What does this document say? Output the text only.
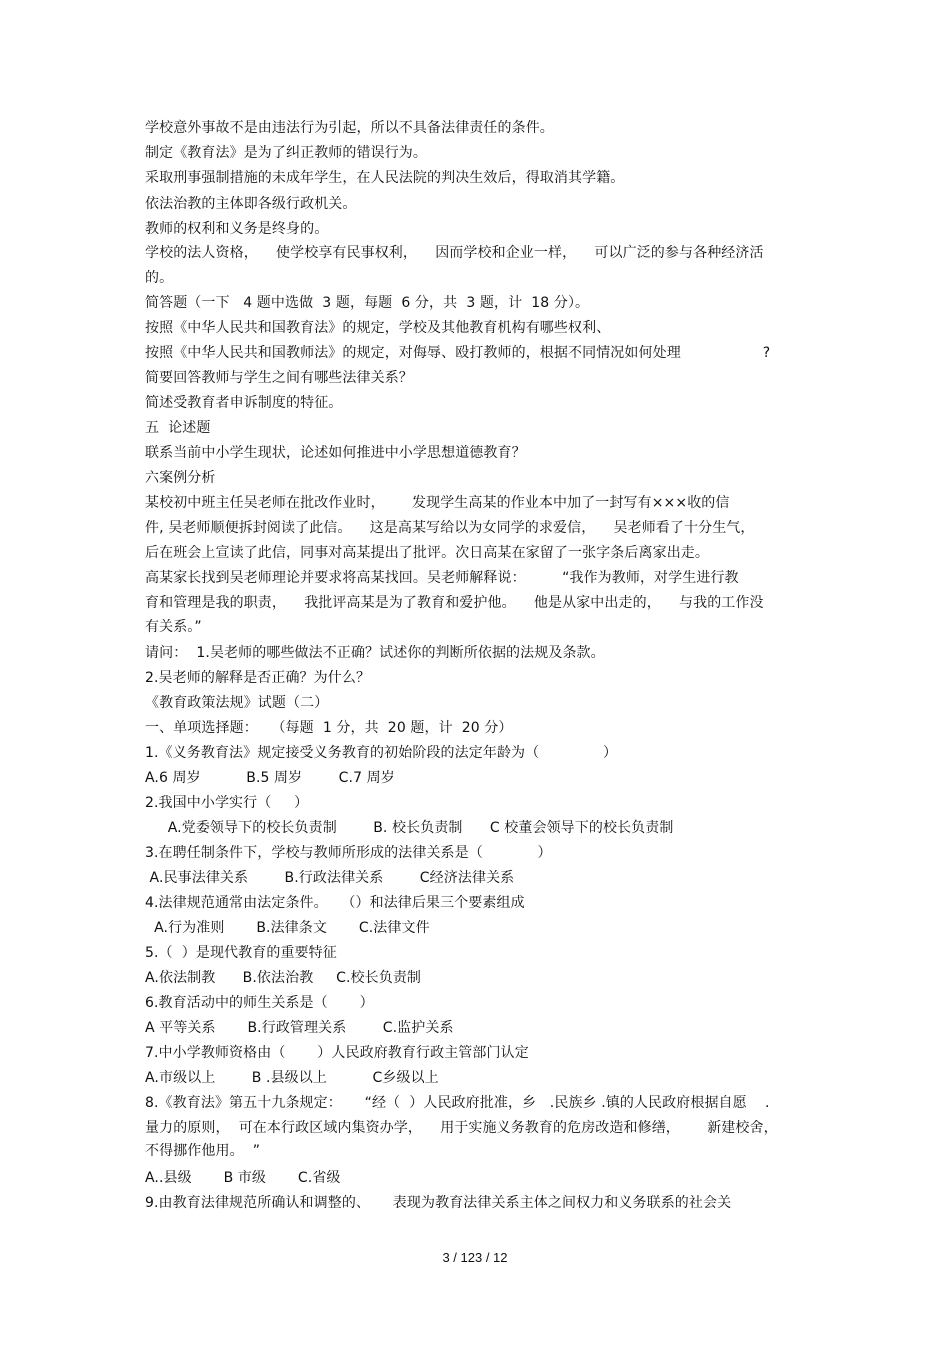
学校意外事故不是由违法行为引起，所以不具备法律责任的条件。
制定《教育法》是为了纠正教师的错误行为。
采取刑事强制措施的未成年学生，在人民法院的判决生效后，得取消其学籍。
依法治教的主体即各级行政机关。
教师的权利和义务是终身的。
学校的法人资格，    使学校享有民事权利，    因而学校和企业一样，    可以广泛的参与各种经济活
的。
简答题（一下   4 题中选做  3 题，每题  6 分，共  3 题，计  18 分）。
按照《中华人民共和国教育法》的规定，学校及其他教育机构有哪些权利、
按照《中华人民共和国教师法》的规定，对侮辱、殴打教师的，根据不同情况如何处理                  ?
简要回答教师与学生之间有哪些法律关系？
简述受教育者申诉制度的特征。
五  论述题
联系当前中小学生现状，论述如何推进中小学思想道德教育？
六案例分析
某校初中班主任吴老师在批改作业时，      发现学生高某的作业本中加了一封写有×××收的信
件, 吴老师顺便拆封阅读了此信。    这是高某写给以为女同学的求爱信，    吴老师看了十分生气，
后在班会上宣读了此信，同事对高某提出了批评。次日高某在家留了一张字条后离家出走。
高某家长找到吴老师理论并要求将高某找回。吴老师解释说：        “我作为教师，对学生进行教
育和管理是我的职责，    我批评高某是为了教育和爱护他。    他是从家中出走的，    与我的工作没
有关系。”
请问：  1.吴老师的哪些做法不正确？试述你的判断所依据的法规及条款。
2.吴老师的解释是否正确？为什么？
《教育政策法规》试题（二）
一、单项选择题：   （每题  1 分，共  20 题，计  20 分）
1.《义务教育法》规定接受义务教育的初始阶段的法定年龄为（              ）
A.6 周岁          B.5 周岁        C.7 周岁
2.我国中小学实行（     ）
A.党委领导下的校长负责制        B. 校长负责制      C 校董会领导下的校长负责制
3.在聘任制条件下，学校与教师所形成的法律关系是（            ）
A.民事法律关系        B.行政法律关系        C经济法律关系
4.法律规范通常由法定条件。   （）和法律后果三个要素组成
A.行为准则       B.法律条文       C.法律文件
5.（  ）是现代教育的重要特征
A.依法制教      B.依法治教     C.校长负责制
6.教育活动中的师生关系是（       ）
A 平等关系       B.行政管理关系        C.监护关系
7.中小学教师资格由（       ）人民政府教育行政主管部门认定
A.市级以上        B .县级以上          C乡级以上
8.《教育法》第五十九条规定：     “经（  ）人民政府批准，乡   .民族乡 .镇的人民政府根据自愿    .
量力的原则，  可在本行政区域内集资办学，    用于实施义务教育的危房改造和修缮，      新建校舍，
不得挪作他用。  ”
A..县级       B 市级       C.省级
9.由教育法律规范所确认和调整的、     表现为教育法律关系主体之间权力和义务联系的社会关
3 / 123 / 12
